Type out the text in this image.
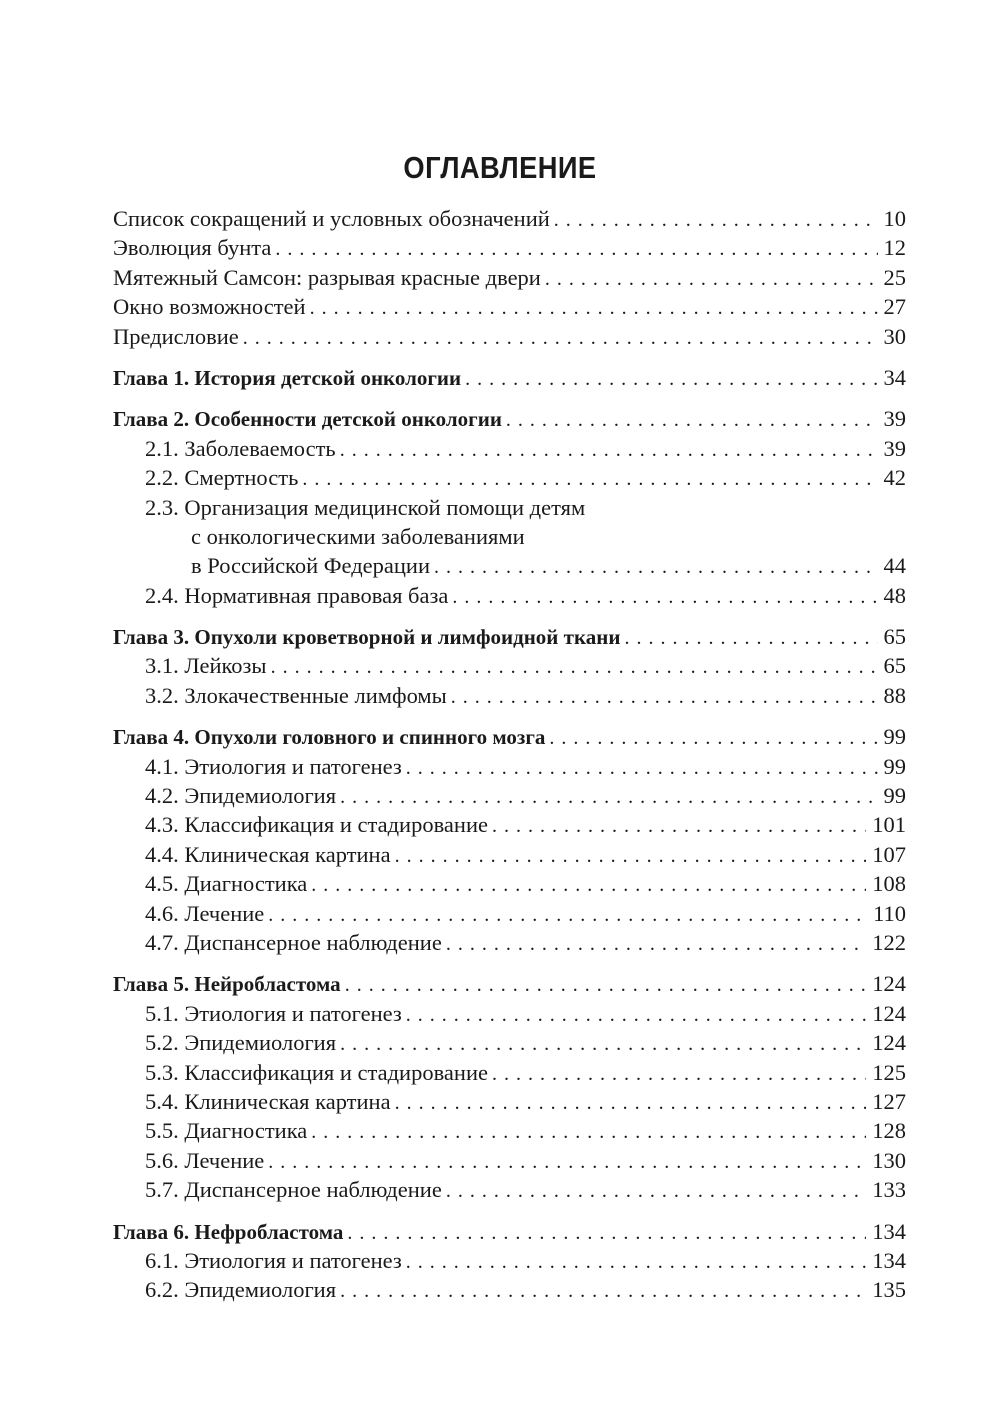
ОГЛАВЛЕНИЕ
Список сокращений и условных обозначений . . .	10
Эволюция бунта . . .	12
Мятежный Самсон: разрывая красные двери . . .	25
Окно возможностей . . .	27
Предисловие . . .	30
Глава 1. История детской онкологии . . .	34
Глава 2. Особенности детской онкологии . . .	39
2.1. Заболеваемость . . .	39
2.2. Смертность . . .	42
2.3. Организация медицинской помощи детям
с онкологическими заболеваниями
в Российской Федерации . . .	44
2.4. Нормативная правовая база . . .	48
Глава 3. Опухоли кроветворной и лимфоидной ткани . . .	65
3.1. Лейкозы . . .	65
3.2. Злокачественные лимфомы . . .	88
Глава 4. Опухоли головного и спинного мозга . . .	99
4.1. Этиология и патогенез . . .	99
4.2. Эпидемиология . . .	99
4.3. Классификация и стадирование . . .	101
4.4. Клиническая картина . . .	107
4.5. Диагностика . . .	108
4.6. Лечение . . .	110
4.7. Диспансерное наблюдение . . .	122
Глава 5. Нейробластома . . .	124
5.1. Этиология и патогенез . . .	124
5.2. Эпидемиология . . .	124
5.3. Классификация и стадирование . . .	125
5.4. Клиническая картина . . .	127
5.5. Диагностика . . .	128
5.6. Лечение . . .	130
5.7. Диспансерное наблюдение . . .	133
Глава 6. Нефробластома . . .	134
6.1. Этиология и патогенез . . .	134
6.2. Эпидемиология . . .	135
